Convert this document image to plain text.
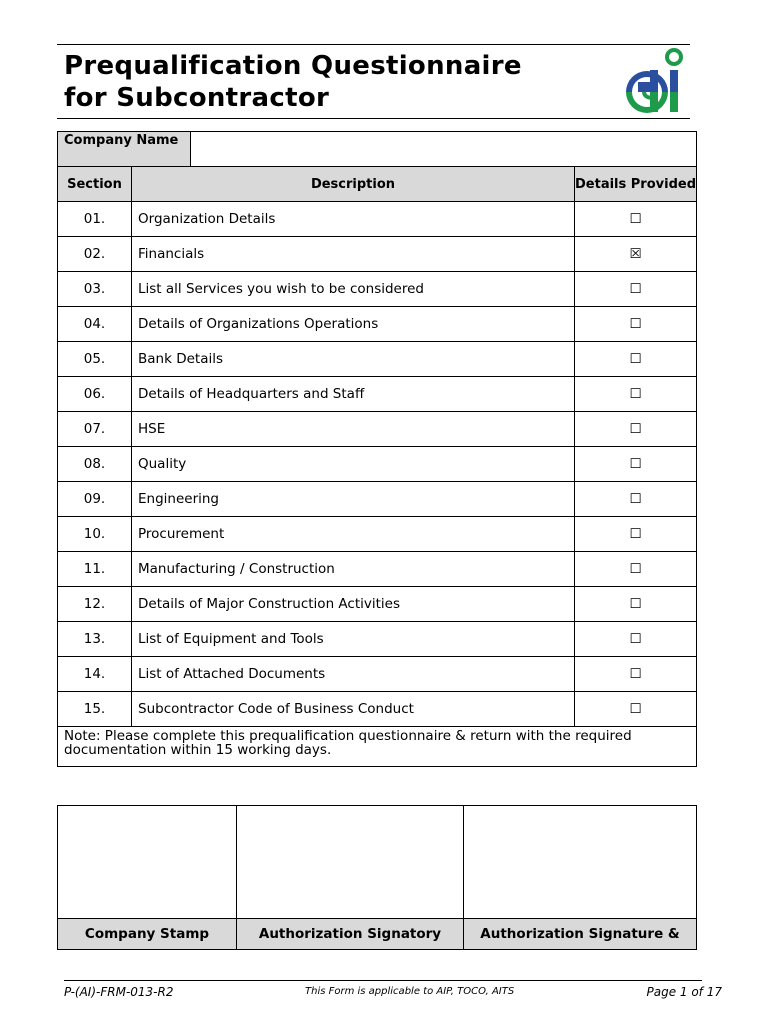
Prequalification Questionnaire
for Subcontractor
Company Name	
Section	Description	Details Provided
01.	Organization Details	☐
02.	Financials	☒
03.	List all Services you wish to be considered	☐
04.	Details of Organizations Operations	☐
05.	Bank Details	☐
06.	Details of Headquarters and Staff	☐
07.	HSE	☐
08.	Quality	☐
09.	Engineering	☐
10.	Procurement	☐
11.	Manufacturing / Construction	☐
12.	Details of Major Construction Activities	☐
13.	List of Equipment and Tools	☐
14.	List of Attached Documents	☐
15.	Subcontractor Code of Business Conduct	☐
Note: Please complete this prequalification questionnaire & return with the required documentation within 15 working days.		

Company Stamp	Authorization Signatory	Authorization Signature &
P-(AI)-FRM-013-R2	This Form is applicable to AIP, TOCO, AITS	Page 1 of 17
